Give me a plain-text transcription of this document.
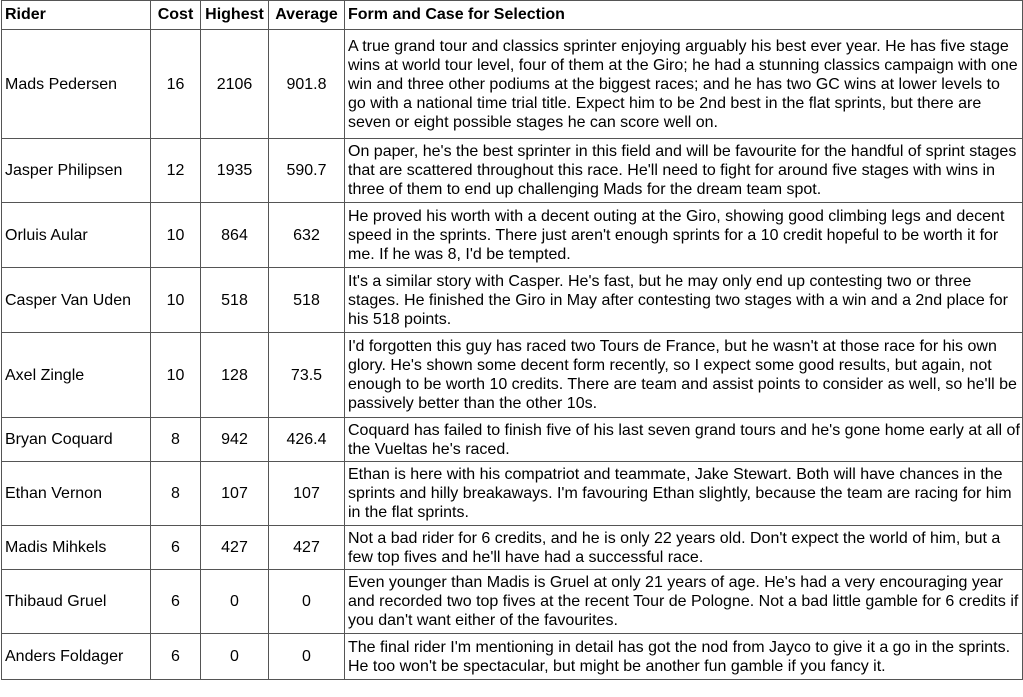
Rider	Cost	Highest	Average	Form and Case for Selection
Mads Pedersen	16	2106	901.8	A true grand tour and classics sprinter enjoying arguably his best ever year. He has five stage wins at world tour level, four of them at the Giro; he had a stunning classics campaign with one win and three other podiums at the biggest races; and he has two GC wins at lower levels to go with a national time trial title. Expect him to be 2nd best in the flat sprints, but there are seven or eight possible stages he can score well on.
Jasper Philipsen	12	1935	590.7	On paper, he's the best sprinter in this field and will be favourite for the handful of sprint stages that are scattered throughout this race. He'll need to fight for around five stages with wins in three of them to end up challenging Mads for the dream team spot.
Orluis Aular	10	864	632	He proved his worth with a decent outing at the Giro, showing good climbing legs and decent speed in the sprints. There just aren't enough sprints for a 10 credit hopeful to be worth it for me. If he was 8, I'd be tempted.
Casper Van Uden	10	518	518	It's a similar story with Casper. He's fast, but he may only end up contesting two or three stages. He finished the Giro in May after contesting two stages with a win and a 2nd place for his 518 points.
Axel Zingle	10	128	73.5	I'd forgotten this guy has raced two Tours de France, but he wasn't at those race for his own glory. He's shown some decent form recently, so I expect some good results, but again, not enough to be worth 10 credits. There are team and assist points to consider as well, so he'll be passively better than the other 10s.
Bryan Coquard	8	942	426.4	Coquard has failed to finish five of his last seven grand tours and he's gone home early at all of the Vueltas he's raced.
Ethan Vernon	8	107	107	Ethan is here with his compatriot and teammate, Jake Stewart. Both will have chances in the sprints and hilly breakaways. I'm favouring Ethan slightly, because the team are racing for him in the flat sprints.
Madis Mihkels	6	427	427	Not a bad rider for 6 credits, and he is only 22 years old. Don't expect the world of him, but a few top fives and he'll have had a successful race.
Thibaud Gruel	6	0	0	Even younger than Madis is Gruel at only 21 years of age. He's had a very encouraging year and recorded two top fives at the recent Tour de Pologne. Not a bad little gamble for 6 credits if you dan't want either of the favourites.
Anders Foldager	6	0	0	The final rider I'm mentioning in detail has got the nod from Jayco to give it a go in the sprints. He too won't be spectacular, but might be another fun gamble if you fancy it.
